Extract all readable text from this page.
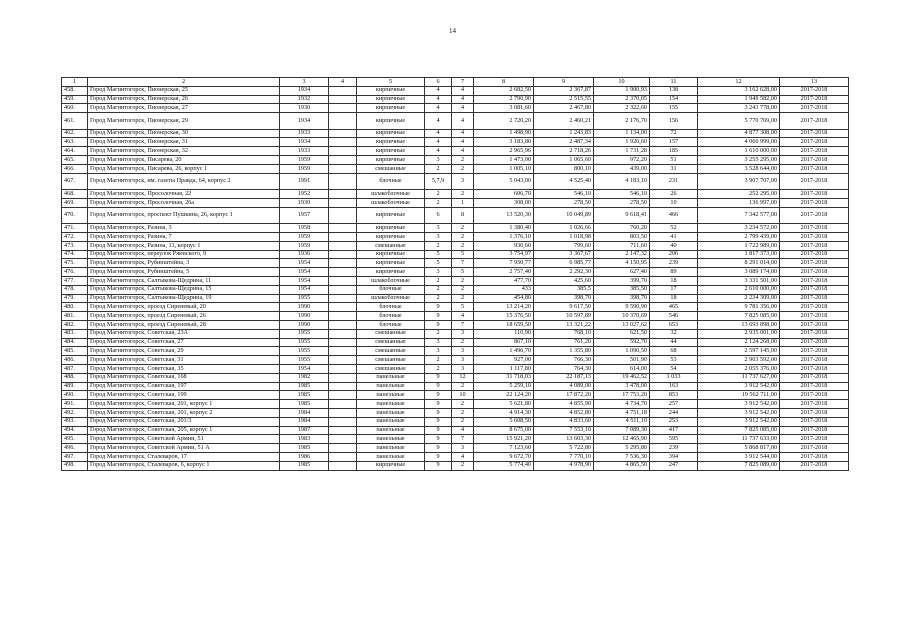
14
1	2	3	4	5	6	7	8	9	10	11	12	13
458.	Город Магнитогорск, Пионерская, 25	1934		кирпичные	4	4	2 682,50	2 367,87	1 900,93	138	3 162 628,00	2017-2018
459.	Город Магнитогорск, Пионерская, 26	1932		кирпичные	4	4	2 790,90	2 515,55	2 370,05	154	1 949 582,00	2017-2018
460.	Город Магнитогорск, Пионерская, 27	1930		кирпичные	4	4	3 081,60	2 467,80	2 322,60	155	3 243 778,00	2017-2018
461.	Город Магнитогорск, Пионерская, 29	1934		кирпичные	4	4	2 720,20	2 460,21	2 176,70	156	5 770 769,00	2017-2018
462.	Город Магнитогорск, Пионерская, 30	1933		кирпичные	4	4	1 498,90	1 243,83	1 134,00	72	4 877 308,00	2017-2018
463.	Город Магнитогорск, Пионерская, 31	1934		кирпичные	4	4	3 183,80	2 487,34	1 920,60	157	4 060 999,00	2017-2018
464.	Город Магнитогорск, Пионерская, 32	1933		кирпичные	4	4	2 965,96	2 718,26	1 731,28	185	1 610 000,00	2017-2018
465.	Город Магнитогорск, Писарева, 20	1959		кирпичные	3	2	1 473,00	1 065,60	972,20	51	3 255 295,00	2017-2018
466.	Город Магнитогорск, Писарева, 26, корпус 1	1959		смешанные	2	2	1 005,10	800,10	439,00	31	3 528 644,00	2017-2018
467.	Город Магнитогорск, им. газеты Правда, 64, корпус 2	1991		блочные	5,7,9	3	5 043,00	4 525,40	4 183,10	231	3 907 707,00	2017-2018
468.	Город Магнитогорск, Просолочная, 22	1952		шлакоблочные	2	2	606,70	546,10	546,10	26	252 295,00	2017-2018
469.	Город Магнитогорск, Просолочная, 26а	1930		шлакоблочные	2	1	308,00	278,50	278,50	10	136 997,00	2017-2018
470.	Город Магнитогорск, проспект Пушкина, 26, корпус 1	1957		кирпичные	6	8	13 520,30	10 049,89	9 618,41	466	7 342 577,00	2017-2018
471.	Город Магнитогорск, Разина, 3	1958		кирпичные	3	2	1 380,40	1 026,66	760,20	52	3 234 572,00	2017-2018
472.	Город Магнитогорск, Разина, 7	1959		кирпичные	3	2	1 376,10	1 018,98	803,50	41	2 799 439,00	2017-2018
473.	Город Магнитогорск, Разина, 13, корпус 1	1959		смешанные	2	2	930,60	799,60	711,60	40	1 722 989,00	2017-2018
474.	Город Магнитогорск, переулок Ржевского, 9	1936		кирпичные	5	5	3 754,97	3 367,67	2 147,32	206	1 817 373,00	2017-2018
475.	Город Магнитогорск, Рубинштейна, 3	1954		кирпичные	5	7	7 950,77	6 985,77	4 150,95	239	8 291 014,00	2017-2018
476.	Город Магнитогорск, Рубинштейна, 5	1954		кирпичные	3	5	2 757,40	2 292,30	627,40	89	3 089 174,00	2017-2018
477.	Город Магнитогорск, Салтыкова-Щедрина, 11	1954		шлакоблочные	2	2	477,70	425,60	399,70	18	3 331 501,00	2017-2018
478.	Город Магнитогорск, Салтыкова-Щедрина, 15	1954		блочные	2	2	433	385,5	385,50	17	2 610 000,00	2017-2018
479.	Город Магнитогорск, Салтыкова-Щедрина, 19	1955		шлакоблочные	2	2	454,80	398,70	398,70	18	2 234 309,00	2017-2018
480.	Город Магнитогорск, проезд Сиреневый, 20	1990		блочные	9	5	13 214,20	9 617,50	9 590,90	465	9 781 356,00	2017-2018
481.	Город Магнитогорск, проезд Сиреневый, 26	1990		блочные	9	4	15 376,50	10 597,89	10 370,69	546	7 825 085,00	2017-2018
482.	Город Магнитогорск, проезд Сиреневый, 28	1990		блочные	9	7	18 659,50	13 321,22	13 027,62	653	13 693 898,00	2017-2018
483.	Город Магнитогорск, Советская, 23А	1955		смешанные	2	3	110,90	768,10	621,50	32	2 935 001,00	2017-2018
484.	Город Магнитогорск, Советская, 27	1955		смешанные	3	2	867,10	761,20	592,70	44	2 124 268,00	2017-2018
485.	Город Магнитогорск, Советская, 29	1955		смешанные	3	3	1 496,70	1 355,80	1 090,50	68	2 597 145,00	2017-2018
486.	Город Магнитогорск, Советская, 31	1955		смешанные	2	3	927,00	766,30	501,90	53	2 903 592,00	2017-2018
487.	Город Магнитогорск, Советская, 35	1954		смешанные	2	3	1 117,80	764,30	614,00	54	2 055 376,00	2017-2018
488.	Город Магнитогорск, Советская, 168	1982		панельные	9	12	31 718,03	22 187,13	19 462,52	1 033	11 737 627,00	2017-2018
489.	Город Магнитогорск, Советская, 197	1985		панельные	9	2	5 259,10	4 089,00	3 478,00	163	3 912 542,00	2017-2018
490.	Город Магнитогорск, Советская, 199	1985		панельные	9	10	22 124,20	17 872,20	17 753,20	853	19 562 711,00	2017-2018
491.	Город Магнитогорск, Советская, 201, корпус 1	1985		панельные	9	2	5 621,80	4 855,90	4 734,70	257	3 912 542,00	2017-2018
492.	Город Магнитогорск, Советская, 201, корпус 2	1984		панельные	9	2	4 914,30	4 852,80	4 751,18	244	3 912 542,00	2017-2018
493.	Город Магнитогорск, Советская, 201/3	1984		панельные	9	2	5 608,50	4 833,60	4 511,10	253	3 912 542,00	2017-2018
494.	Город Магнитогорск, Советская, 205, корпус 1	1987		панельные	9	4	8 675,00	7 553,10	7 089,30	417	7 825 085,00	2017-2018
495.	Город Магнитогорск, Советской Армии, 51	1983		панельные	9	7	15 921,20	13 603,30	12 465,90	595	11 737 633,00	2017-2018
496.	Город Магнитогорск, Советской Армии, 51 А	1985		панельные	9	3	7 123,60	5 722,80	5 295,80	239	5 868 817,00	2017-2018
497.	Город Магнитогорск, Сталеваров, 17	1986		панельные	9	4	9 672,70	7 770,10	7 536,30	394	3 912 544,00	2017-2018
498.	Город Магнитогорск, Сталеваров, 6, корпус 1	1985		кирпичные	9	2	5 774,40	4 978,90	4 865,50	247	7 825 089,00	2017-2018
